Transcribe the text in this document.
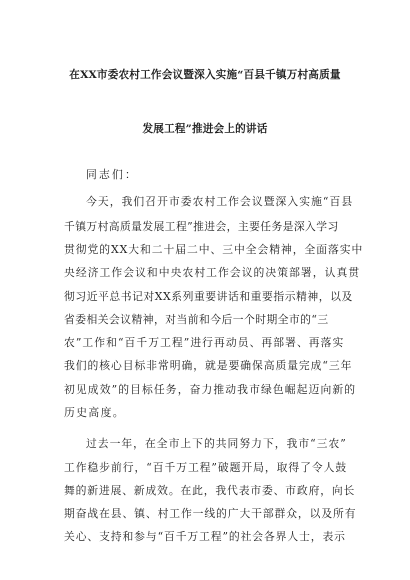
在XX市委农村工作会议暨深入实施“百县千镇万村高质量
发展工程”推进会上的讲话
同志们：
今天，我们召开市委农村工作会议暨深入实施“百县
千镇万村高质量发展工程”推进会，主要任务是深入学习
贯彻党的XX大和二十届二中、三中全会精神，全面落实中
央经济工作会议和中央农村工作会议的决策部署，认真贯
彻习近平总书记对XX系列重要讲话和重要指示精神，以及
省委相关会议精神，对当前和今后一个时期全市的“三
农”工作和“百千万工程”进行再动员、再部署、再落实
我们的核心目标非常明确，就是要确保高质量完成“三年
初见成效”的目标任务，奋力推动我市绿色崛起迈向新的
历史高度。
过去一年，在全市上下的共同努力下，我市“三农”
工作稳步前行，“百千万工程”破题开局，取得了令人鼓
舞的新进展、新成效。在此，我代表市委、市政府，向长
期奋战在县、镇、村工作一线的广大干部群众，以及所有
关心、支持和参与“百千万工程”的社会各界人士，表示
